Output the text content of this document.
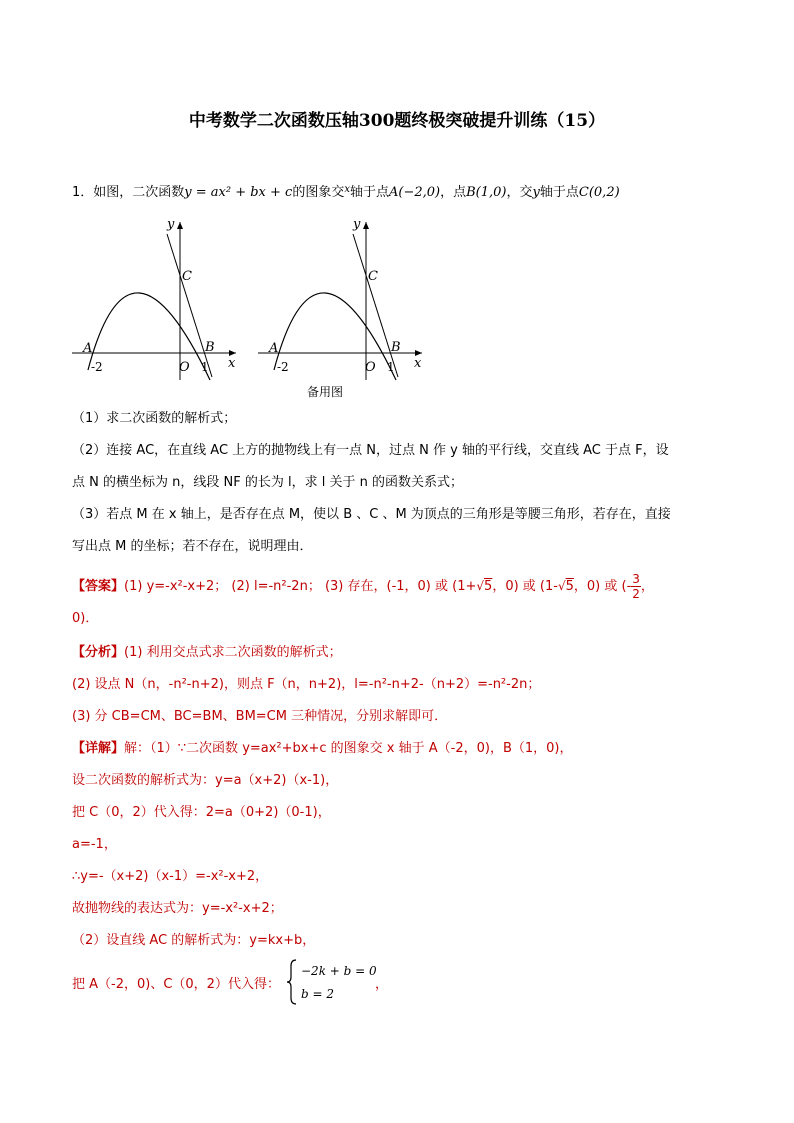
中考数学二次函数压轴300题终极突破提升训练（15）
1．如图，二次函数y = ax² + bx + c的图象交$^x$轴于点A(−2,0)，点B(1,0)，交y轴于点C(0,2)
y
x
A	B
C
O
-2	1
y
x
A	B
C
O
-2	1
备用图
（1）求二次函数的解析式；
（2）连接 AC，在直线 AC 上方的抛物线上有一点 N，过点 N 作 y 轴的平行线，交直线 AC 于点 F，设
点 N 的横坐标为 n，线段 NF 的长为 l，求 l 关于 n 的函数关系式；
（3）若点 M 在 x 轴上，是否存在点 M，使以 B 、C 、M 为顶点的三角形是等腰三角形，若存在，直接
写出点 M 的坐标；若不存在，说明理由．
【答案】(1) y=-x²-x+2； (2) l=-n²-2n； (3) 存在，(-1，0) 或 (1+√5，0) 或 (1-√5，0) 或 (- $\frac{3}{2}$ ，
0)．
【分析】(1) 利用交点式求二次函数的解析式；
(2) 设点 N（n，-n²-n+2)，则点 F（n，n+2)，l=-n²-n+2-（n+2）=-n²-2n；
(3) 分 CB=CM、BC=BM、BM=CM 三种情况，分别求解即可．
【详解】解：（1）∵二次函数 y=ax²+bx+c 的图象交 x 轴于 A（-2，0)，B（1，0)，
设二次函数的解析式为：y=a（x+2)（x-1)，
把 C（0，2）代入得：2=a（0+2)（0-1)，
a=-1，
∴y=-（x+2)（x-1）=-x²-x+2，
故抛物线的表达式为：y=-x²-x+2；
（2）设直线 AC 的解析式为：y=kx+b，
把 A（-2，0)、C（0，2）代入得：
−2k + b = 0
b = 2
，
